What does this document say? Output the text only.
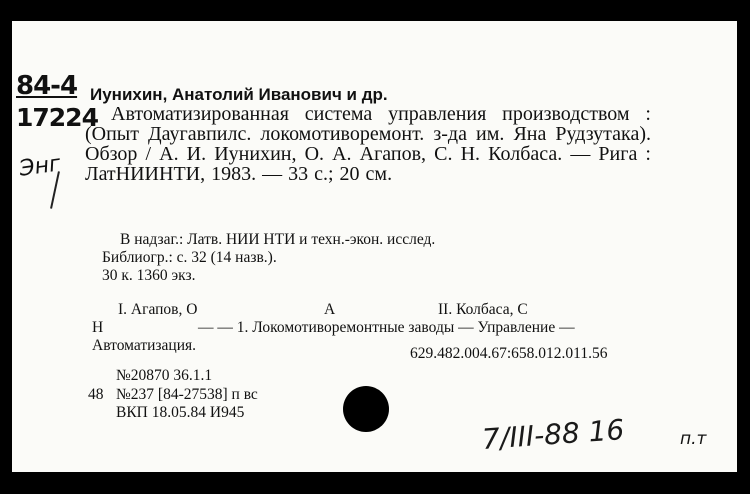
84-4
17224
Энг
Иунихин, Анатолий Иванович и др.
Автоматизированная система управления производством : (Опыт Даугавпилс. локомотиворемонт. з-да им. Яна Рудзутака). Обзор / А. И. Иунихин, О. А. Агапов, С. Н. Колбаса. — Рига : ЛатНИИНТИ, 1983. — 33 с.; 20 см.
В надзаг.: Латв. НИИ НТИ и техн.-экон. исслед.
Библиогр.: с. 32 (14 назв.).
30 к. 1360 экз.
I. Агапов, О	А	II. Колбаса, С
Н	— — 1. Локомотиворемонтные заводы — Управление —
Автоматизация.	629.482.004.67:658.012.011.56
№20870 36.1.1
48 №237 [84-27538] п вс
ВКП 18.05.84 И945
7/III-88 16	п.т
